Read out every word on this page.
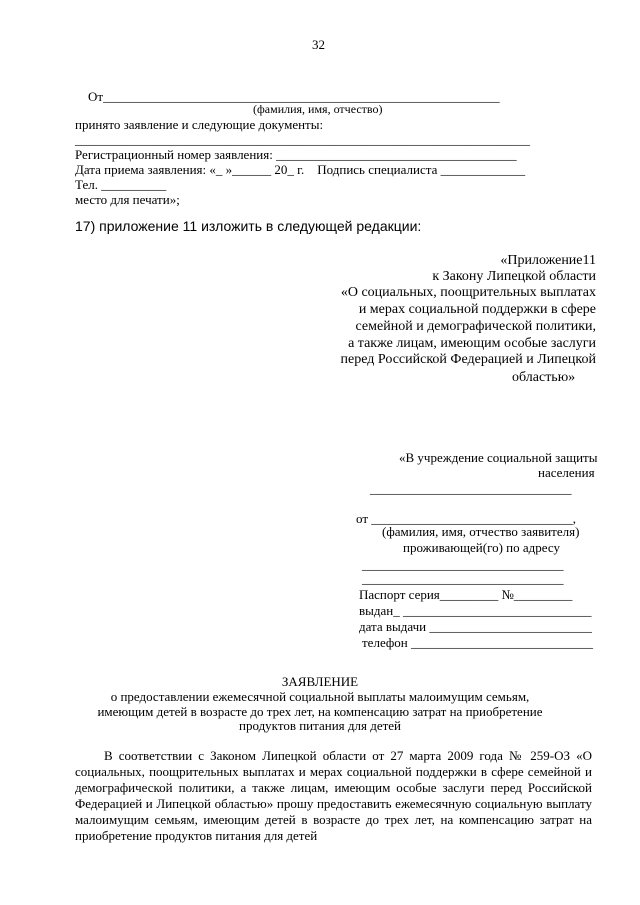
32
От_____________________________________________________________
(фамилия, имя, отчество)
принято заявление и следующие документы:
______________________________________________________________________
Регистрационный номер заявления: _____________________________________
Дата приема заявления: «_ »______ 20_ г.    Подпись специалиста _____________
Тел. __________
место для печати»;
17) приложение 11 изложить в следующей редакции:
«Приложение11
к Закону Липецкой области
«О социальных, поощрительных выплатах
и мерах социальной поддержки в сфере
семейной и демографической политики,
а также лицам, имеющим особые заслуги
перед Российской Федерацией и Липецкой
областью»
«В учреждение социальной защиты
населения
_______________________________
от _______________________________,
(фамилия, имя, отчество заявителя)
проживающей(го) по адресу
_______________________________
_______________________________
Паспорт серия_________ №_________
выдан_ _____________________________
дата выдачи _________________________
телефон ____________________________
ЗАЯВЛЕНИЕ
о предоставлении ежемесячной социальной выплаты малоимущим семьям,
имеющим детей в возрасте до трех лет, на компенсацию затрат на приобретение
продуктов питания для детей
В соответствии с Законом Липецкой области от 27 марта 2009 года № 259-ОЗ «О
социальных, поощрительных выплатах и мерах социальной поддержки в сфере семейной и
демографической политики, а также лицам, имеющим особые заслуги перед Российской
Федерацией и Липецкой областью» прошу предоставить ежемесячную социальную выплату
малоимущим семьям, имеющим детей в возрасте до трех лет, на компенсацию затрат на
приобретение продуктов питания для детей
